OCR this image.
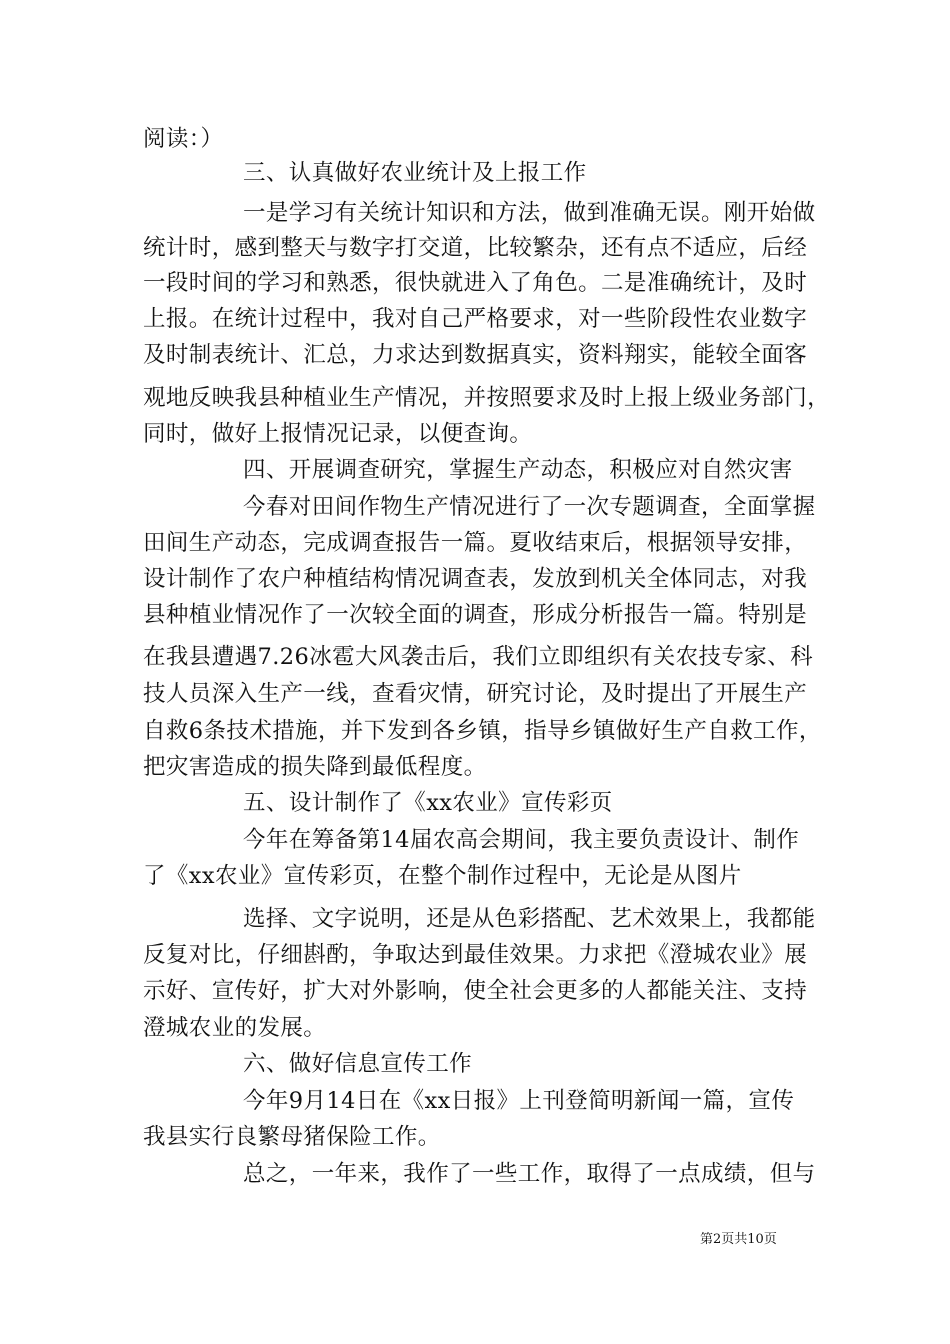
阅读：）
三、认真做好农业统计及上报工作
一是学习有关统计知识和方法，做到准确无误。刚开始做
统计时，感到整天与数字打交道，比较繁杂，还有点不适应，后经
一段时间的学习和熟悉，很快就进入了角色。二是准确统计，及时
上报。在统计过程中，我对自己严格要求，对一些阶段性农业数字
及时制表统计、汇总，力求达到数据真实，资料翔实，能较全面客
观地反映我县种植业生产情况，并按照要求及时上报上级业务部门，
同时，做好上报情况记录，以便查询。
四、开展调查研究，掌握生产动态，积极应对自然灾害
今春对田间作物生产情况进行了一次专题调查，全面掌握
田间生产动态，完成调查报告一篇。夏收结束后，根据领导安排，
设计制作了农户种植结构情况调查表，发放到机关全体同志，对我
县种植业情况作了一次较全面的调查，形成分析报告一篇。特别是
在我县遭遇7.26冰雹大风袭击后，我们立即组织有关农技专家、科
技人员深入生产一线，查看灾情，研究讨论，及时提出了开展生产
自救6条技术措施，并下发到各乡镇，指导乡镇做好生产自救工作，
把灾害造成的损失降到最低程度。
五、设计制作了《xx农业》宣传彩页
今年在筹备第14届农高会期间，我主要负责设计、制作
了《xx农业》宣传彩页，在整个制作过程中，无论是从图片
选择、文字说明，还是从色彩搭配、艺术效果上，我都能
反复对比，仔细斟酌，争取达到最佳效果。力求把《澄城农业》展
示好、宣传好，扩大对外影响，使全社会更多的人都能关注、支持
澄城农业的发展。
六、做好信息宣传工作
今年9月14日在《xx日报》上刊登简明新闻一篇，宣传
我县实行良繁母猪保险工作。
总之，一年来，我作了一些工作，取得了一点成绩，但与
第2页共10页
